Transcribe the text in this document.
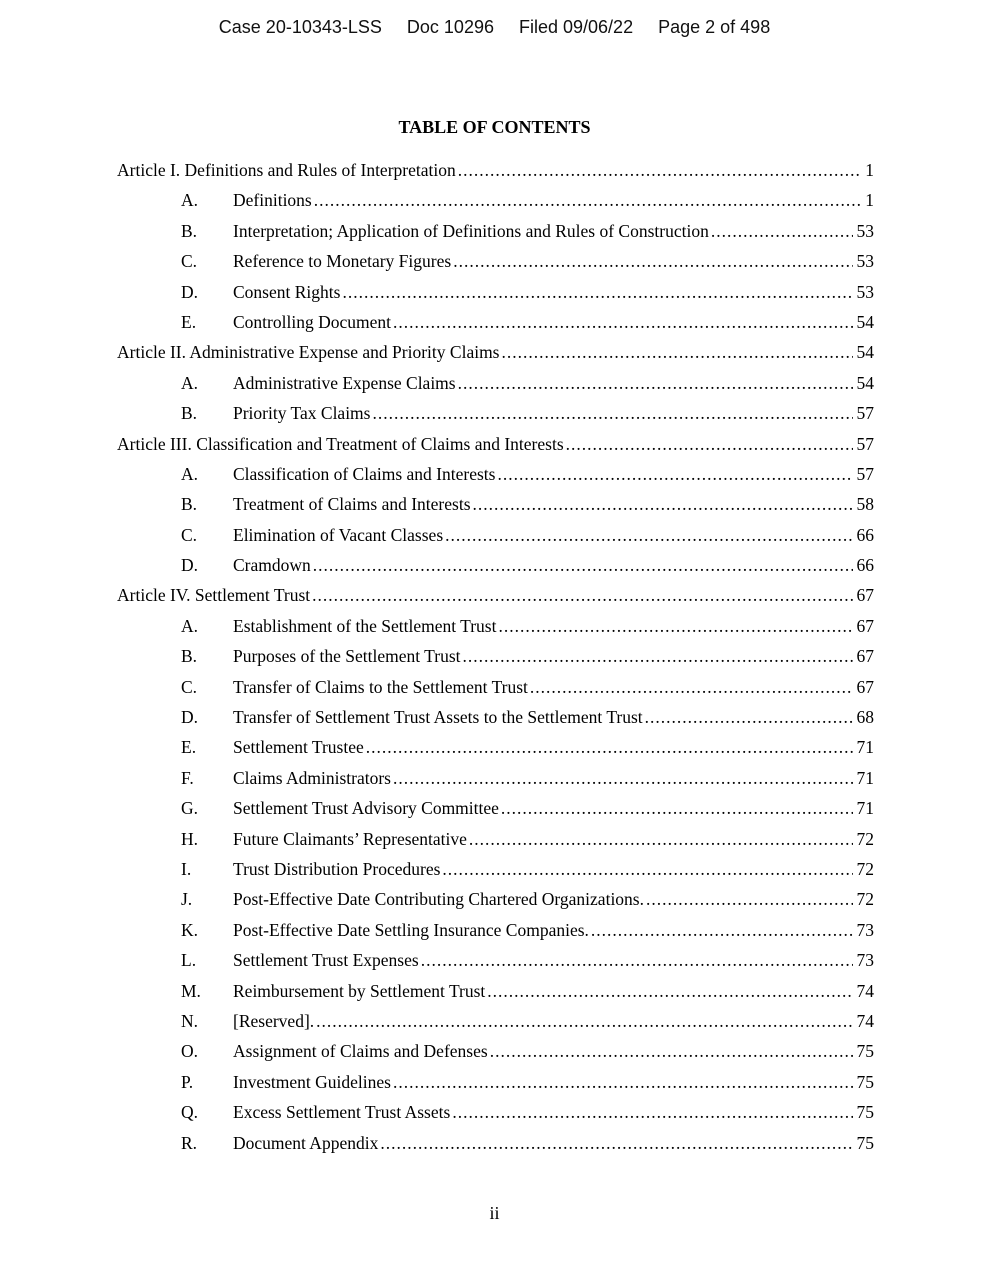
Case 20-10343-LSS Doc 10296 Filed 09/06/22 Page 2 of 498
TABLE OF CONTENTS
Article I. Definitions and Rules of Interpretation .....	1
A.	Definitions .....	1
B.	Interpretation; Application of Definitions and Rules of Construction .....	53
C.	Reference to Monetary Figures .....	53
D.	Consent Rights .....	53
E.	Controlling Document .....	54
Article II. Administrative Expense and Priority Claims .....	54
A.	Administrative Expense Claims .....	54
B.	Priority Tax Claims .....	57
Article III. Classification and Treatment of Claims and Interests .....	57
A.	Classification of Claims and Interests .....	57
B.	Treatment of Claims and Interests .....	58
C.	Elimination of Vacant Classes .....	66
D.	Cramdown .....	66
Article IV. Settlement Trust .....	67
A.	Establishment of the Settlement Trust .....	67
B.	Purposes of the Settlement Trust .....	67
C.	Transfer of Claims to the Settlement Trust .....	67
D.	Transfer of Settlement Trust Assets to the Settlement Trust .....	68
E.	Settlement Trustee .....	71
F.	Claims Administrators .....	71
G.	Settlement Trust Advisory Committee .....	71
H.	Future Claimants’ Representative .....	72
I.	Trust Distribution Procedures .....	72
J.	Post-Effective Date Contributing Chartered Organizations. .....	72
K.	Post-Effective Date Settling Insurance Companies. .....	73
L.	Settlement Trust Expenses .....	73
M.	Reimbursement by Settlement Trust .....	74
N.	[Reserved]. .....	74
O.	Assignment of Claims and Defenses .....	75
P.	Investment Guidelines .....	75
Q.	Excess Settlement Trust Assets .....	75
R.	Document Appendix .....	75
ii
